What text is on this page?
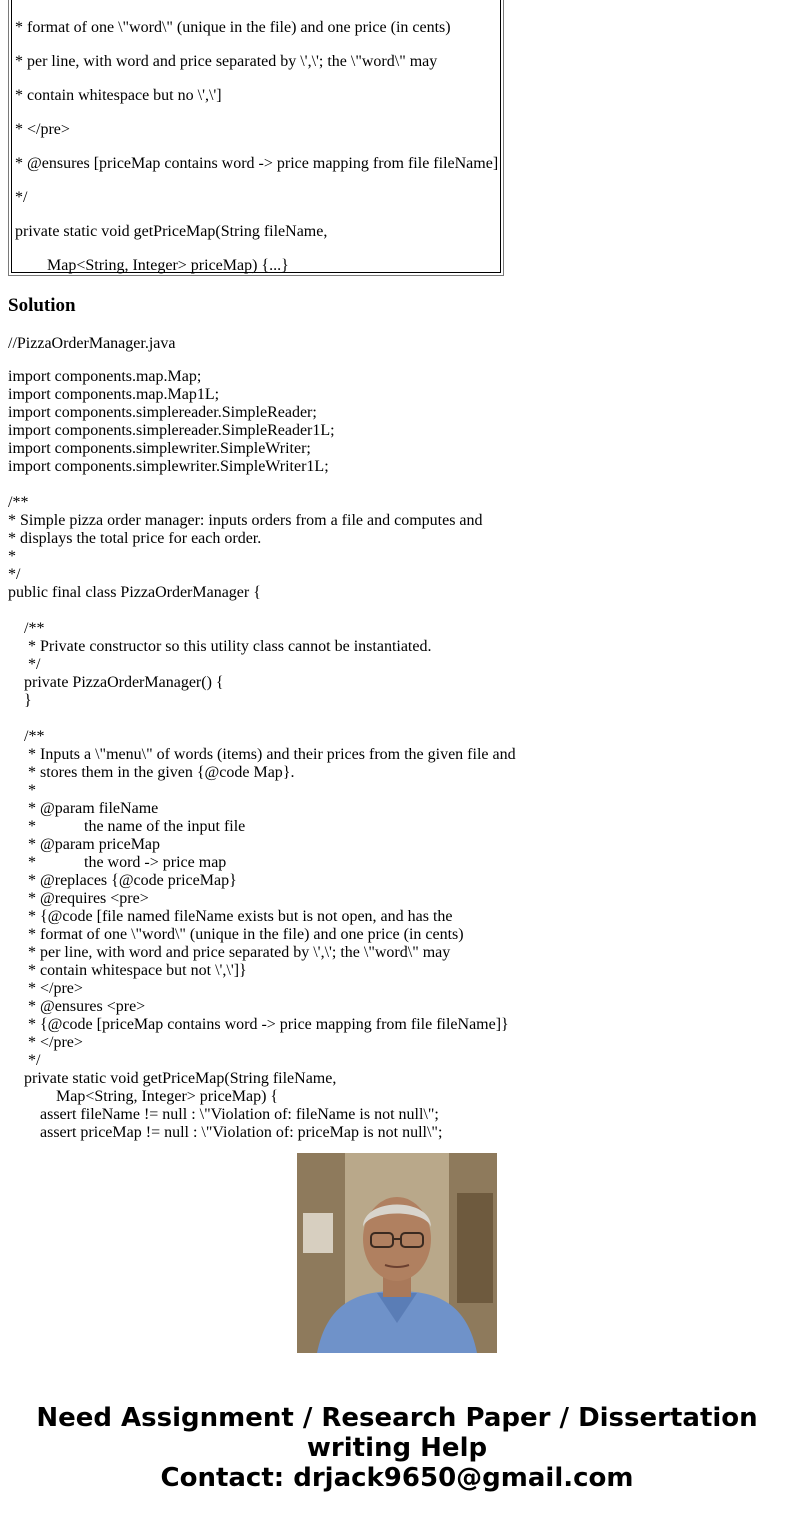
* format of one \"word\" (unique in the file) and one price (in cents)
* per line, with word and price separated by \',\'; the \"word\" may
* contain whitespace but no \',\']
* </pre>
* @ensures [priceMap contains word -> price mapping from file fileName]
*/
private static void getPriceMap(String fileName,
Map<String, Integer> priceMap) {...}
Solution
//PizzaOrderManager.java
import components.map.Map;
import components.map.Map1L;
import components.simplereader.SimpleReader;
import components.simplereader.SimpleReader1L;
import components.simplewriter.SimpleWriter;
import components.simplewriter.SimpleWriter1L;
/**
* Simple pizza order manager: inputs orders from a file and computes and
* displays the total price for each order.
*
*/
public final class PizzaOrderManager {
/**
* Private constructor so this utility class cannot be instantiated.
*/
private PizzaOrderManager() {
}
/**
* Inputs a \"menu\" of words (items) and their prices from the given file and
* stores them in the given {@code Map}.
*
* @param fileName
*            the name of the input file
* @param priceMap
*            the word -> price map
* @replaces {@code priceMap}
* @requires <pre>
* {@code [file named fileName exists but is not open, and has the
* format of one \"word\" (unique in the file) and one price (in cents)
* per line, with word and price separated by \',\'; the \"word\" may
* contain whitespace but not \',\']}
* </pre>
* @ensures <pre>
* {@code [priceMap contains word -> price mapping from file fileName]}
* </pre>
*/
private static void getPriceMap(String fileName,
Map<String, Integer> priceMap) {
assert fileName != null : \"Violation of: fileName is not null\";
assert priceMap != null : \"Violation of: priceMap is not null\";
Need Assignment / Research Paper / Dissertation
writing Help
Contact: drjack9650@gmail.com
